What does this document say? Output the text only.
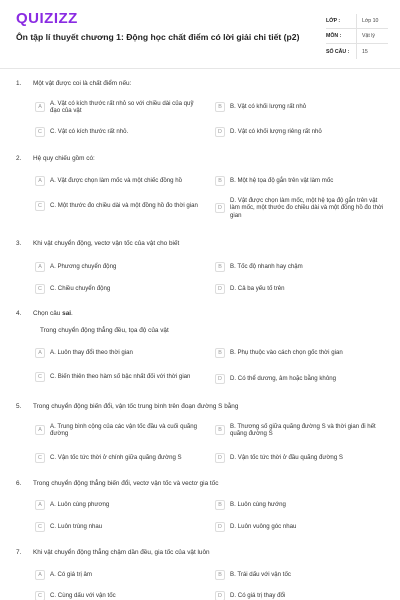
QUIZIZZ
Ôn tập lí thuyết chương 1: Động học chất điểm có lời giải chi tiết (p2)
LỚP :	Lớp 10
MÔN :	Vật lý
SỐ CÂU :	15
1. Một vật được coi là chất điểm nếu:
A
A. Vật có kích thước rất nhỏ so với chiều dài của quỹ đạo của vật
B	B. Vật có khối lượng rất nhỏ
C	C. Vật có kích thước rất nhỏ.	D	D. Vật có khối lượng riêng rất nhỏ
2. Hệ quy chiếu gồm có:
A	A. Vật được chọn làm mốc và một chiếc đồng hồ	B	B. Một hệ tọa độ gắn trên vật làm mốc
C	C. Một thước đo chiều dài và một đồng hồ đo thời gian	D
D. Vật được chọn làm mốc, một hệ tọa độ gắn trên vật làm mốc, một thước đo chiều dài và một đồng hồ đo thời gian
3. Khi vật chuyển động, vectơ vận tốc của vật cho biết
A	A. Phương chuyển động	B	B. Tốc độ nhanh hay chậm
C	C. Chiều chuyển động	D	D. Cả ba yếu tố trên
4. Chọn câu sai.
Trong chuyển động thẳng đều, tọa độ của vật
A	A. Luôn thay đổi theo thời gian	B	B. Phụ thuộc vào cách chọn gốc thời gian
C	C. Biến thiên theo hàm số bậc nhất đối với thời gian	D	D. Có thể dương, âm hoặc bằng không
5. Trong chuyển động biến đổi, vận tốc trung bình trên đoạn đường S bằng
A
A. Trung bình cộng của các vận tốc đầu và cuối quãng đường	B
B. Thương số giữa quãng đường S và thời gian đi hết quãng đường S
C	C. Vận tốc tức thời ở chính giữa quãng đường S	D	D. Vận tốc tức thời ở đầu quãng đường S
6. Trong chuyển động thẳng biến đổi, vectơ vận tốc và vectơ gia tốc
A	A. Luôn cùng phương	B	B. Luôn cùng hướng
C	C. Luôn trùng nhau	D	D. Luôn vuông góc nhau
7. Khi vật chuyển động thẳng chậm dần đều, gia tốc của vật luôn
A	A. Có giá trị âm	B	B. Trái dấu với vận tốc
C	C. Cùng dấu với vận tốc	D	D. Có giá trị thay đổi
